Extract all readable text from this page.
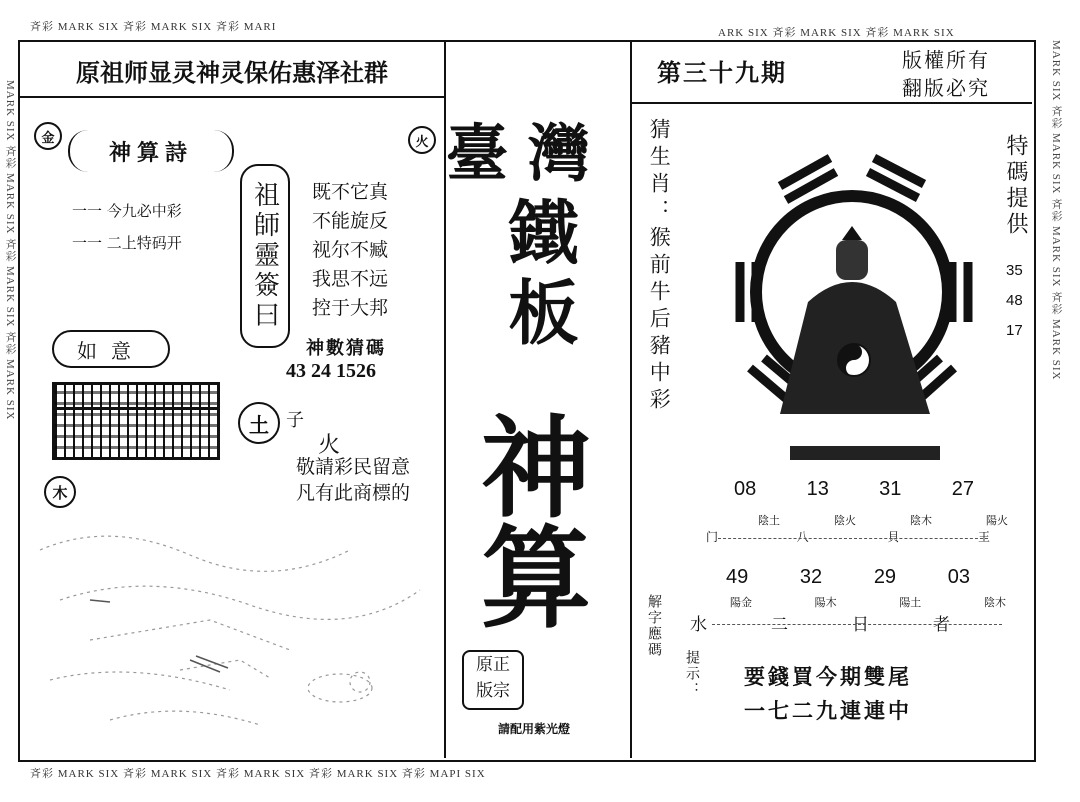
斉彩 MARK SIX 斉彩 MARK SIX 斉彩 MARI	ARK SIX 斉彩 MARK SIX 斉彩 MARK SIX
斉彩 MARK SIX 斉彩 MARK SIX 斉彩 MARK SIX 斉彩 MARK SIX 斉彩 MAPI SIX
MARK SIX 斉彩 MARK SIX 斉彩 MARK SIX 斉彩 MARK SIX	MARK SIX 斉彩 MARK SIX 斉彩 MARK SIX 斉彩 MARK SIX
原祖师显灵神灵保佑惠泽社群
金	火
神算詩
一一 今九必中彩
一一 二上特码开	祖師靈簽曰	既不它真
不能旋反
视尔不臧
我思不远
控于大邦
如意	神數猜碼
43 24 1526
土 子
火
敬請彩民留意
凡有此商標的
木
臺灣
鐵板
神算
原正
版宗
請配用紫光燈
第三十九期	版權所有
翻版必究
猜生肖：猴前牛后豬中彩	特碼提供
35
48
17
08	13	31	27
陰土	陰火	陰木	陽火
门	八	貝	王
49	32	29	03
陽金	陽木	陽土	陰木
水	二	日	者
解字應碼
提示： 要錢買今期雙尾
一七二九連連中
